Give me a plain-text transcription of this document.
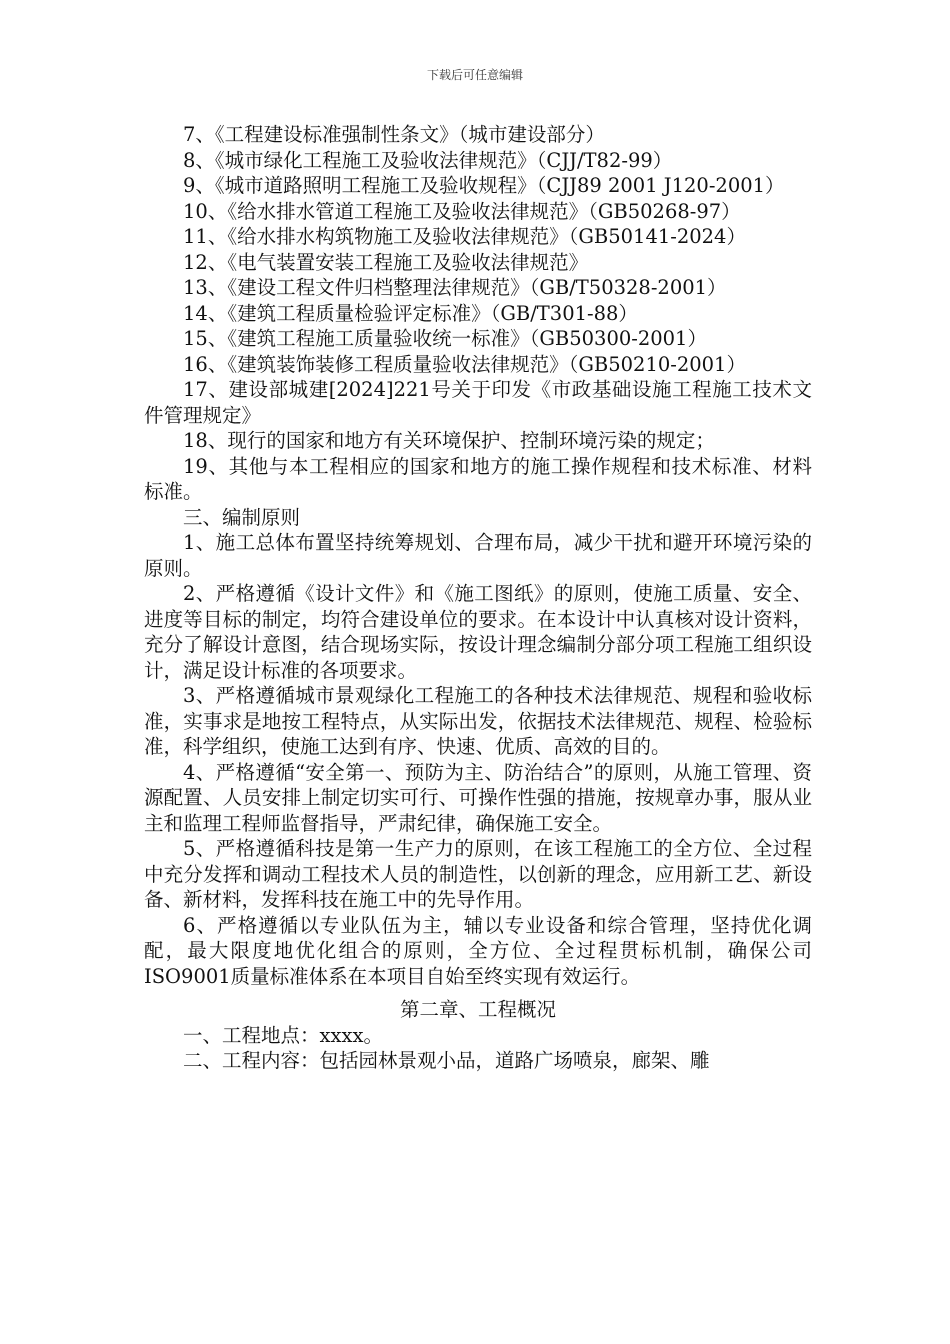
下载后可任意编辑

7、《工程建设标准强制性条文》（城市建设部分）

8、《城市绿化工程施工及验收法律规范》（CJJ/T82-99）

9、《城市道路照明工程施工及验收规程》（CJJ89 2001 J120-2001）

10、《给水排水管道工程施工及验收法律规范》（GB50268-97）

11、《给水排水构筑物施工及验收法律规范》（GB50141-2024）

12、《电气装置安装工程施工及验收法律规范》

13、《建设工程文件归档整理法律规范》（GB/T50328-2001）

14、《建筑工程质量检验评定标准》（GB/T301-88）

15、《建筑工程施工质量验收统一标准》（GB50300-2001）

16、《建筑装饰装修工程质量验收法律规范》（GB50210-2001）

17、建设部城建[2024]221号关于印发《市政基础设施工程施工技术文件管理规定》

18、现行的国家和地方有关环境保护、控制环境污染的规定；

19、其他与本工程相应的国家和地方的施工操作规程和技术标准、材料标准。

三、编制原则

1、施工总体布置坚持统筹规划、合理布局，减少干扰和避开环境污染的原则。

2、严格遵循《设计文件》和《施工图纸》的原则，使施工质量、安全、进度等目标的制定，均符合建设单位的要求。在本设计中认真核对设计资料，充分了解设计意图，结合现场实际，按设计理念编制分部分项工程施工组织设计，满足设计标准的各项要求。

3、严格遵循城市景观绿化工程施工的各种技术法律规范、规程和验收标准，实事求是地按工程特点，从实际出发，依据技术法律规范、规程、检验标准，科学组织，使施工达到有序、快速、优质、高效的目的。

4、严格遵循“安全第一、预防为主、防治结合”的原则，从施工管理、资源配置、人员安排上制定切实可行、可操作性强的措施，按规章办事，服从业主和监理工程师监督指导，严肃纪律，确保施工安全。

5、严格遵循科技是第一生产力的原则，在该工程施工的全方位、全过程中充分发挥和调动工程技术人员的制造性，以创新的理念，应用新工艺、新设备、新材料，发挥科技在施工中的先导作用。

6、严格遵循以专业队伍为主，辅以专业设备和综合管理，坚持优化调配，最大限度地优化组合的原则，全方位、全过程贯标机制，确保公司ISO9001质量标准体系在本项目自始至终实现有效运行。

第二章、工程概况

一、工程地点：xxxx。

二、工程内容：包括园林景观小品，道路广场喷泉，廊架、雕
